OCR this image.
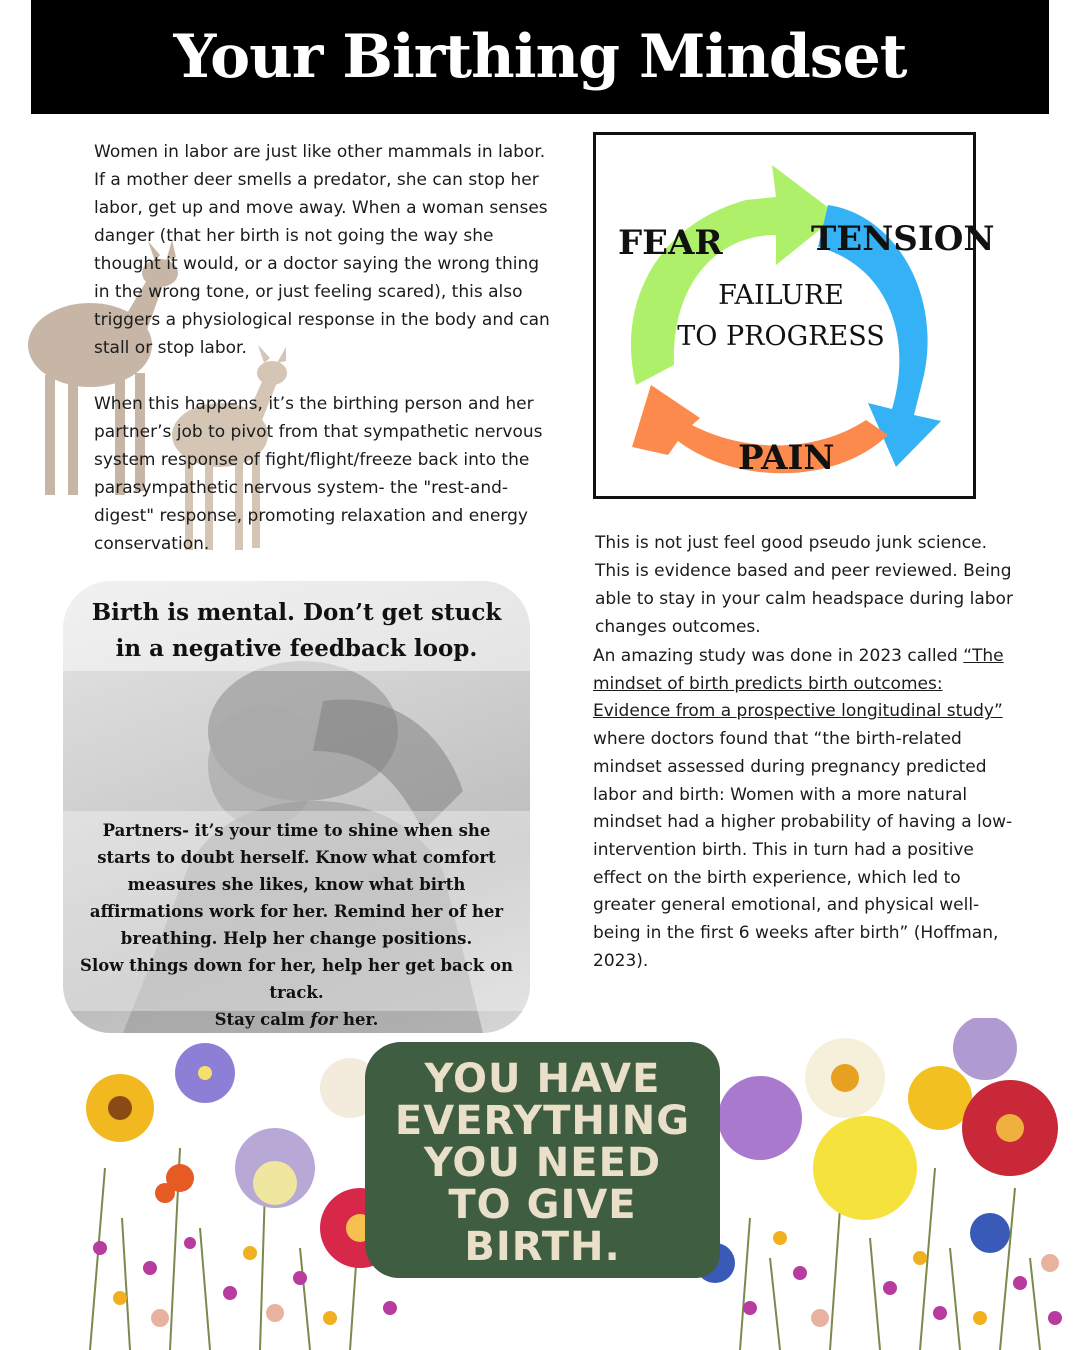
Your Birthing Mindset

Women in labor are just like other mammals in labor. If a mother deer smells a predator, she can stop her labor, get up and move away. When a woman senses danger (that her birth is not going the way she thought it would, or a doctor saying the wrong thing in the wrong tone, or just feeling scared), this also triggers a physiological response in the body and can stall or stop labor.

When this happens, it’s the birthing person and her partner’s job to pivot from that sympathetic nervous system response of fight/flight/freeze back into the parasympathetic nervous system- the "rest-and-digest" response, promoting relaxation and energy conservation.

FEAR	TENSION
PAIN
FAILURE
TO PROGRESS

This is not just feel good pseudo junk science. This is evidence based and peer reviewed. Being able to stay in your calm headspace during labor changes outcomes.

An amazing study was done in 2023 called “The mindset of birth predicts birth outcomes: Evidence from a prospective longitudinal study” where doctors found that “the birth-related mindset assessed during pregnancy predicted labor and birth: Women with a more natural mindset had a higher probability of having a low-intervention birth. This in turn had a positive effect on the birth experience, which led to greater general emotional, and physical well-being in the first 6 weeks after birth” (Hoffman, 2023).
Birth is mental. Don’t get stuck in a negative feedback loop.
Partners- it’s your time to shine when she starts to doubt herself. Know what comfort measures she likes, know what birth affirmations work for her. Remind her of her breathing. Help her change positions.
Slow things down for her, help her get back on track.
Stay calm for her.
YOU HAVE
EVERYTHING
YOU NEED
TO GIVE
BIRTH.
